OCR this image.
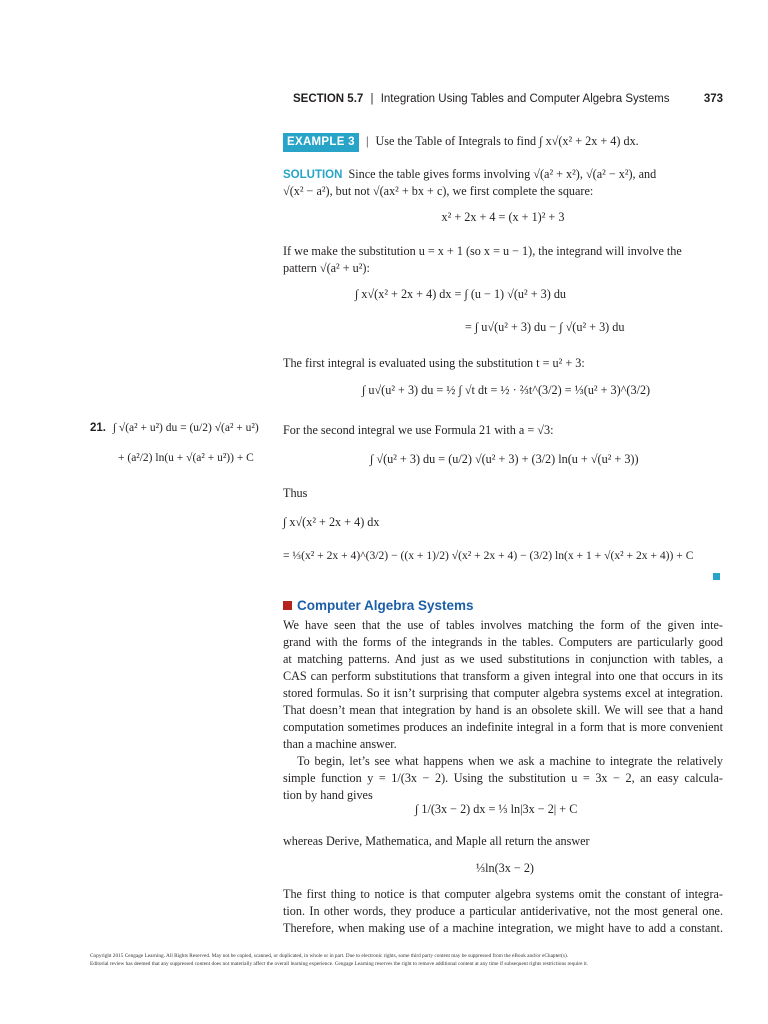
SECTION 5.7 | Integration Using Tables and Computer Algebra Systems	373
EXAMPLE 3 | Use the Table of Integrals to find ∫ x√(x² + 2x + 4) dx.
SOLUTION Since the table gives forms involving √(a² + x²), √(a² − x²), and
√(x² − a²), but not √(ax² + bx + c), we first complete the square:
x² + 2x + 4 = (x + 1)² + 3
If we make the substitution u = x + 1 (so x = u − 1), the integrand will involve the
pattern √(a² + u²):
∫ x√(x² + 2x + 4) dx = ∫ (u − 1) √(u² + 3) du
= ∫ u√(u² + 3) du − ∫ √(u² + 3) du
The first integral is evaluated using the substitution t = u² + 3:
∫ u√(u² + 3) du = ½ ∫ √t dt = ½ · ⅔t^(3/2) = ⅓(u² + 3)^(3/2)
21. ∫ √(a² + u²) du = (u/2) √(a² + u²)
+ (a²/2) ln(u + √(a² + u²)) + C
For the second integral we use Formula 21 with a = √3:
∫ √(u² + 3) du = (u/2) √(u² + 3) + (3/2) ln(u + √(u² + 3))
Thus
∫ x√(x² + 2x + 4) dx
= ⅓(x² + 2x + 4)^(3/2) − ((x + 1)/2) √(x² + 2x + 4) − (3/2) ln(x + 1 + √(x² + 2x + 4)) + C
Computer Algebra Systems
We have seen that the use of tables involves matching the form of the given inte-
grand with the forms of the integrands in the tables. Computers are particularly good
at matching patterns. And just as we used substitutions in conjunction with tables, a
CAS can perform substitutions that transform a given integral into one that occurs in its
stored formulas. So it isn’t surprising that computer algebra systems excel at integration.
That doesn’t mean that integration by hand is an obsolete skill. We will see that a hand
computation sometimes produces an indefinite integral in a form that is more convenient
than a machine answer.
To begin, let’s see what happens when we ask a machine to integrate the relatively
simple function y = 1/(3x − 2). Using the substitution u = 3x − 2, an easy calcula-
tion by hand gives
∫ 1/(3x − 2) dx = ⅓ ln|3x − 2| + C
whereas Derive, Mathematica, and Maple all return the answer
⅓ln(3x − 2)
The first thing to notice is that computer algebra systems omit the constant of integra-
tion. In other words, they produce a particular antiderivative, not the most general one.
Therefore, when making use of a machine integration, we might have to add a constant.
Copyright 2015 Cengage Learning. All Rights Reserved. May not be copied, scanned, or duplicated, in whole or in part. Due to electronic rights, some third party content may be suppressed from the eBook and/or eChapter(s).
Editorial review has deemed that any suppressed content does not materially affect the overall learning experience. Cengage Learning reserves the right to remove additional content at any time if subsequent rights restrictions require it.
